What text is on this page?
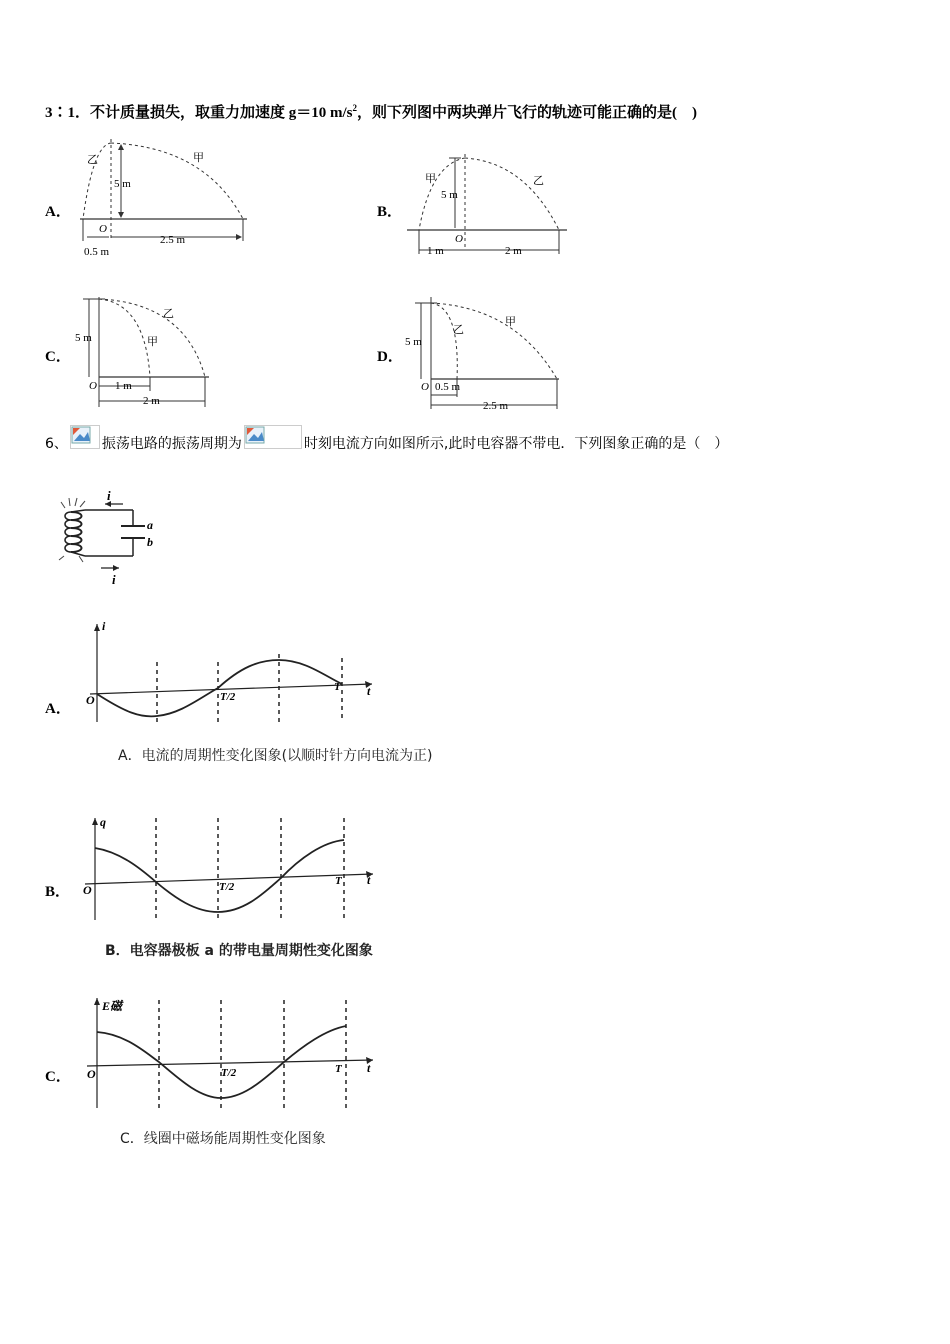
3∶1．不计质量损失，取重力加速度 g＝10 $m/s^2$，则下列图中两块弹片飞行的轨迹可能正确的是(　)
A．
5 m
乙	甲
O
2.5 m
0.5 m
B．
5 m
甲	乙
O
1 m	2 m
C．
5 m
乙
甲
O 1 m
2 m
D．
5 m
乙
甲
O 0.5 m
2.5 m
6、 振荡电路的振荡周期为	时刻电流方向如图所示,此时电容器不带电．下列图象正确的是（　）
i
i
a
b
A．
i
t
O	T/2
T
A．电流的周期性变化图象(以顺时针方向电流为正)
B．
q
t
O	T/2	T
B．电容器极板 a 的带电量周期性变化图象
C．
E磁
t
O	T/2	T
C．线圈中磁场能周期性变化图象
